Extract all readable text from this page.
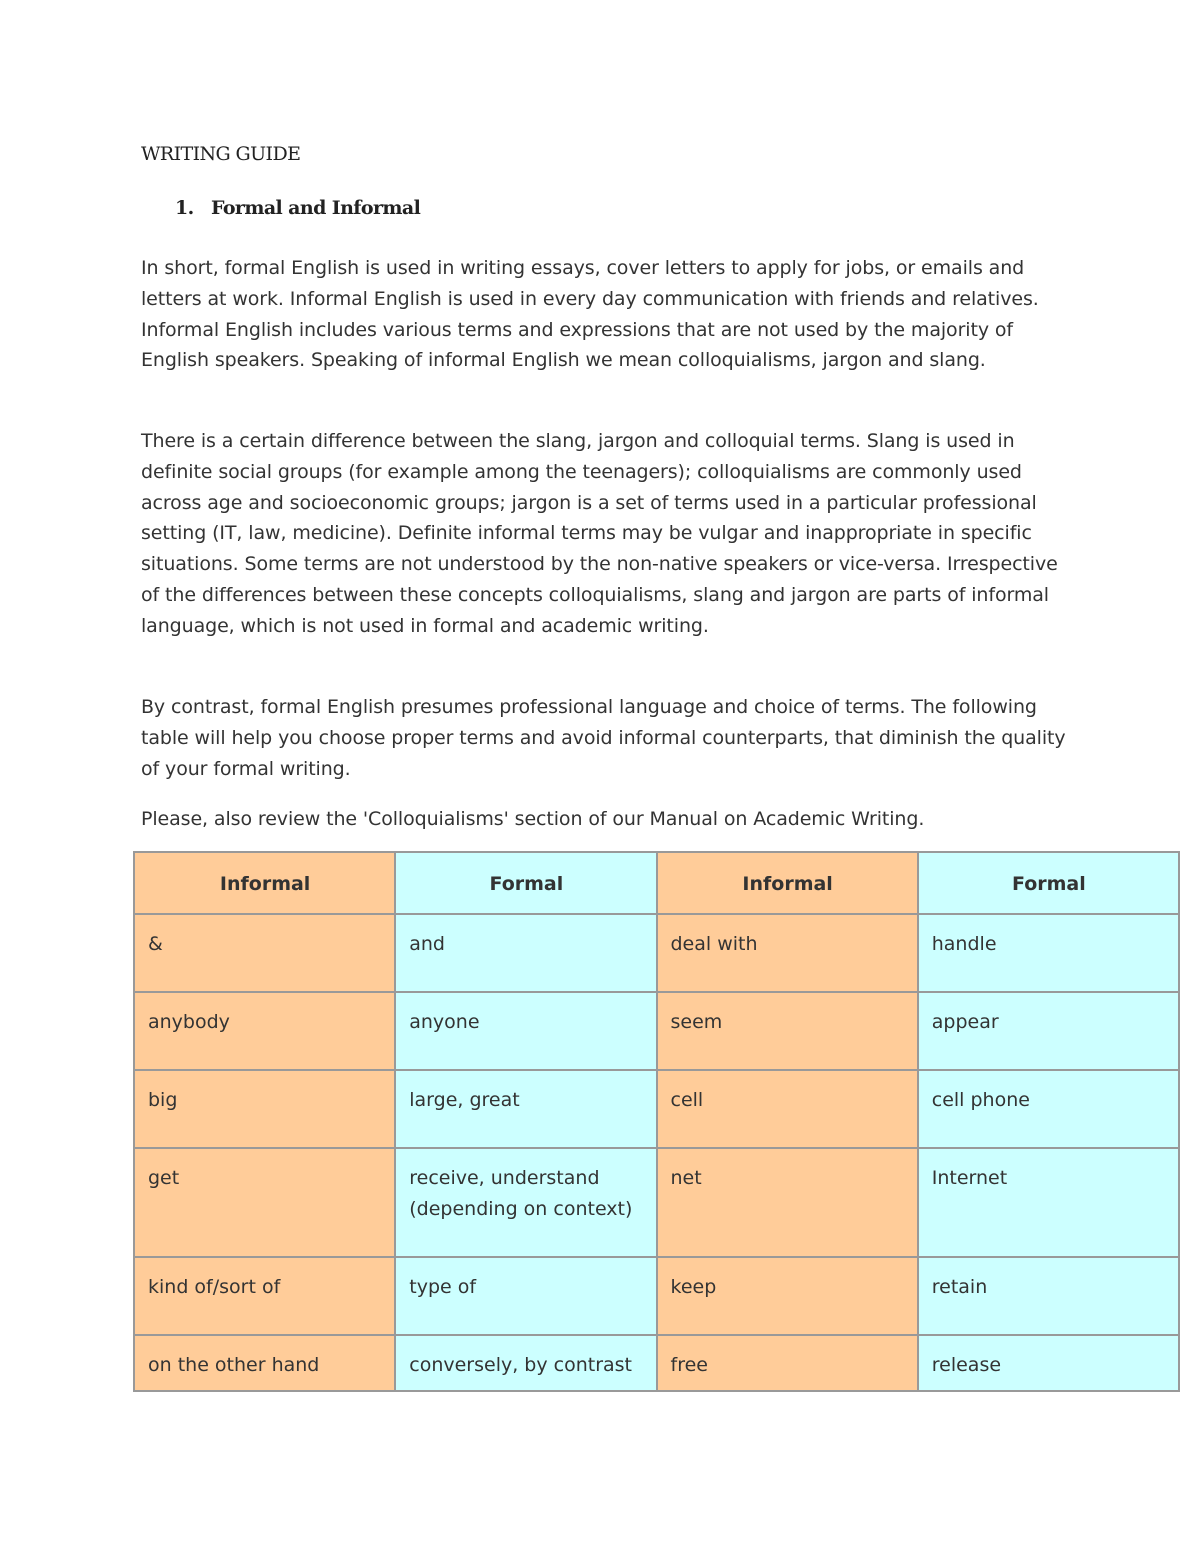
WRITING GUIDE
1. Formal and Informal

In short, formal English is used in writing essays, cover letters to apply for jobs, or emails and letters at work. Informal English is used in every day communication with friends and relatives. Informal English includes various terms and expressions that are not used by the majority of English speakers. Speaking of informal English we mean colloquialisms, jargon and slang.

There is a certain difference between the slang, jargon and colloquial terms. Slang is used in definite social groups (for example among the teenagers); colloquialisms are commonly used across age and socioeconomic groups; jargon is a set of terms used in a particular professional setting (IT, law, medicine). Definite informal terms may be vulgar and inappropriate in specific situations. Some terms are not understood by the non-native speakers or vice-versa. Irrespective of the differences between these concepts colloquialisms, slang and jargon are parts of informal language, which is not used in formal and academic writing.

By contrast, formal English presumes professional language and choice of terms. The following table will help you choose proper terms and avoid informal counterparts, that diminish the quality of your formal writing.

Please, also review the 'Colloquialisms' section of our Manual on Academic Writing.

Informal	Formal	Informal	Formal
&	and	deal with	handle
anybody	anyone	seem	appear
big	large, great	cell	cell phone
get	receive, understand (depending on context)	net	Internet
kind of/sort of	type of	keep	retain
on the other hand	conversely, by contrast	free	release
